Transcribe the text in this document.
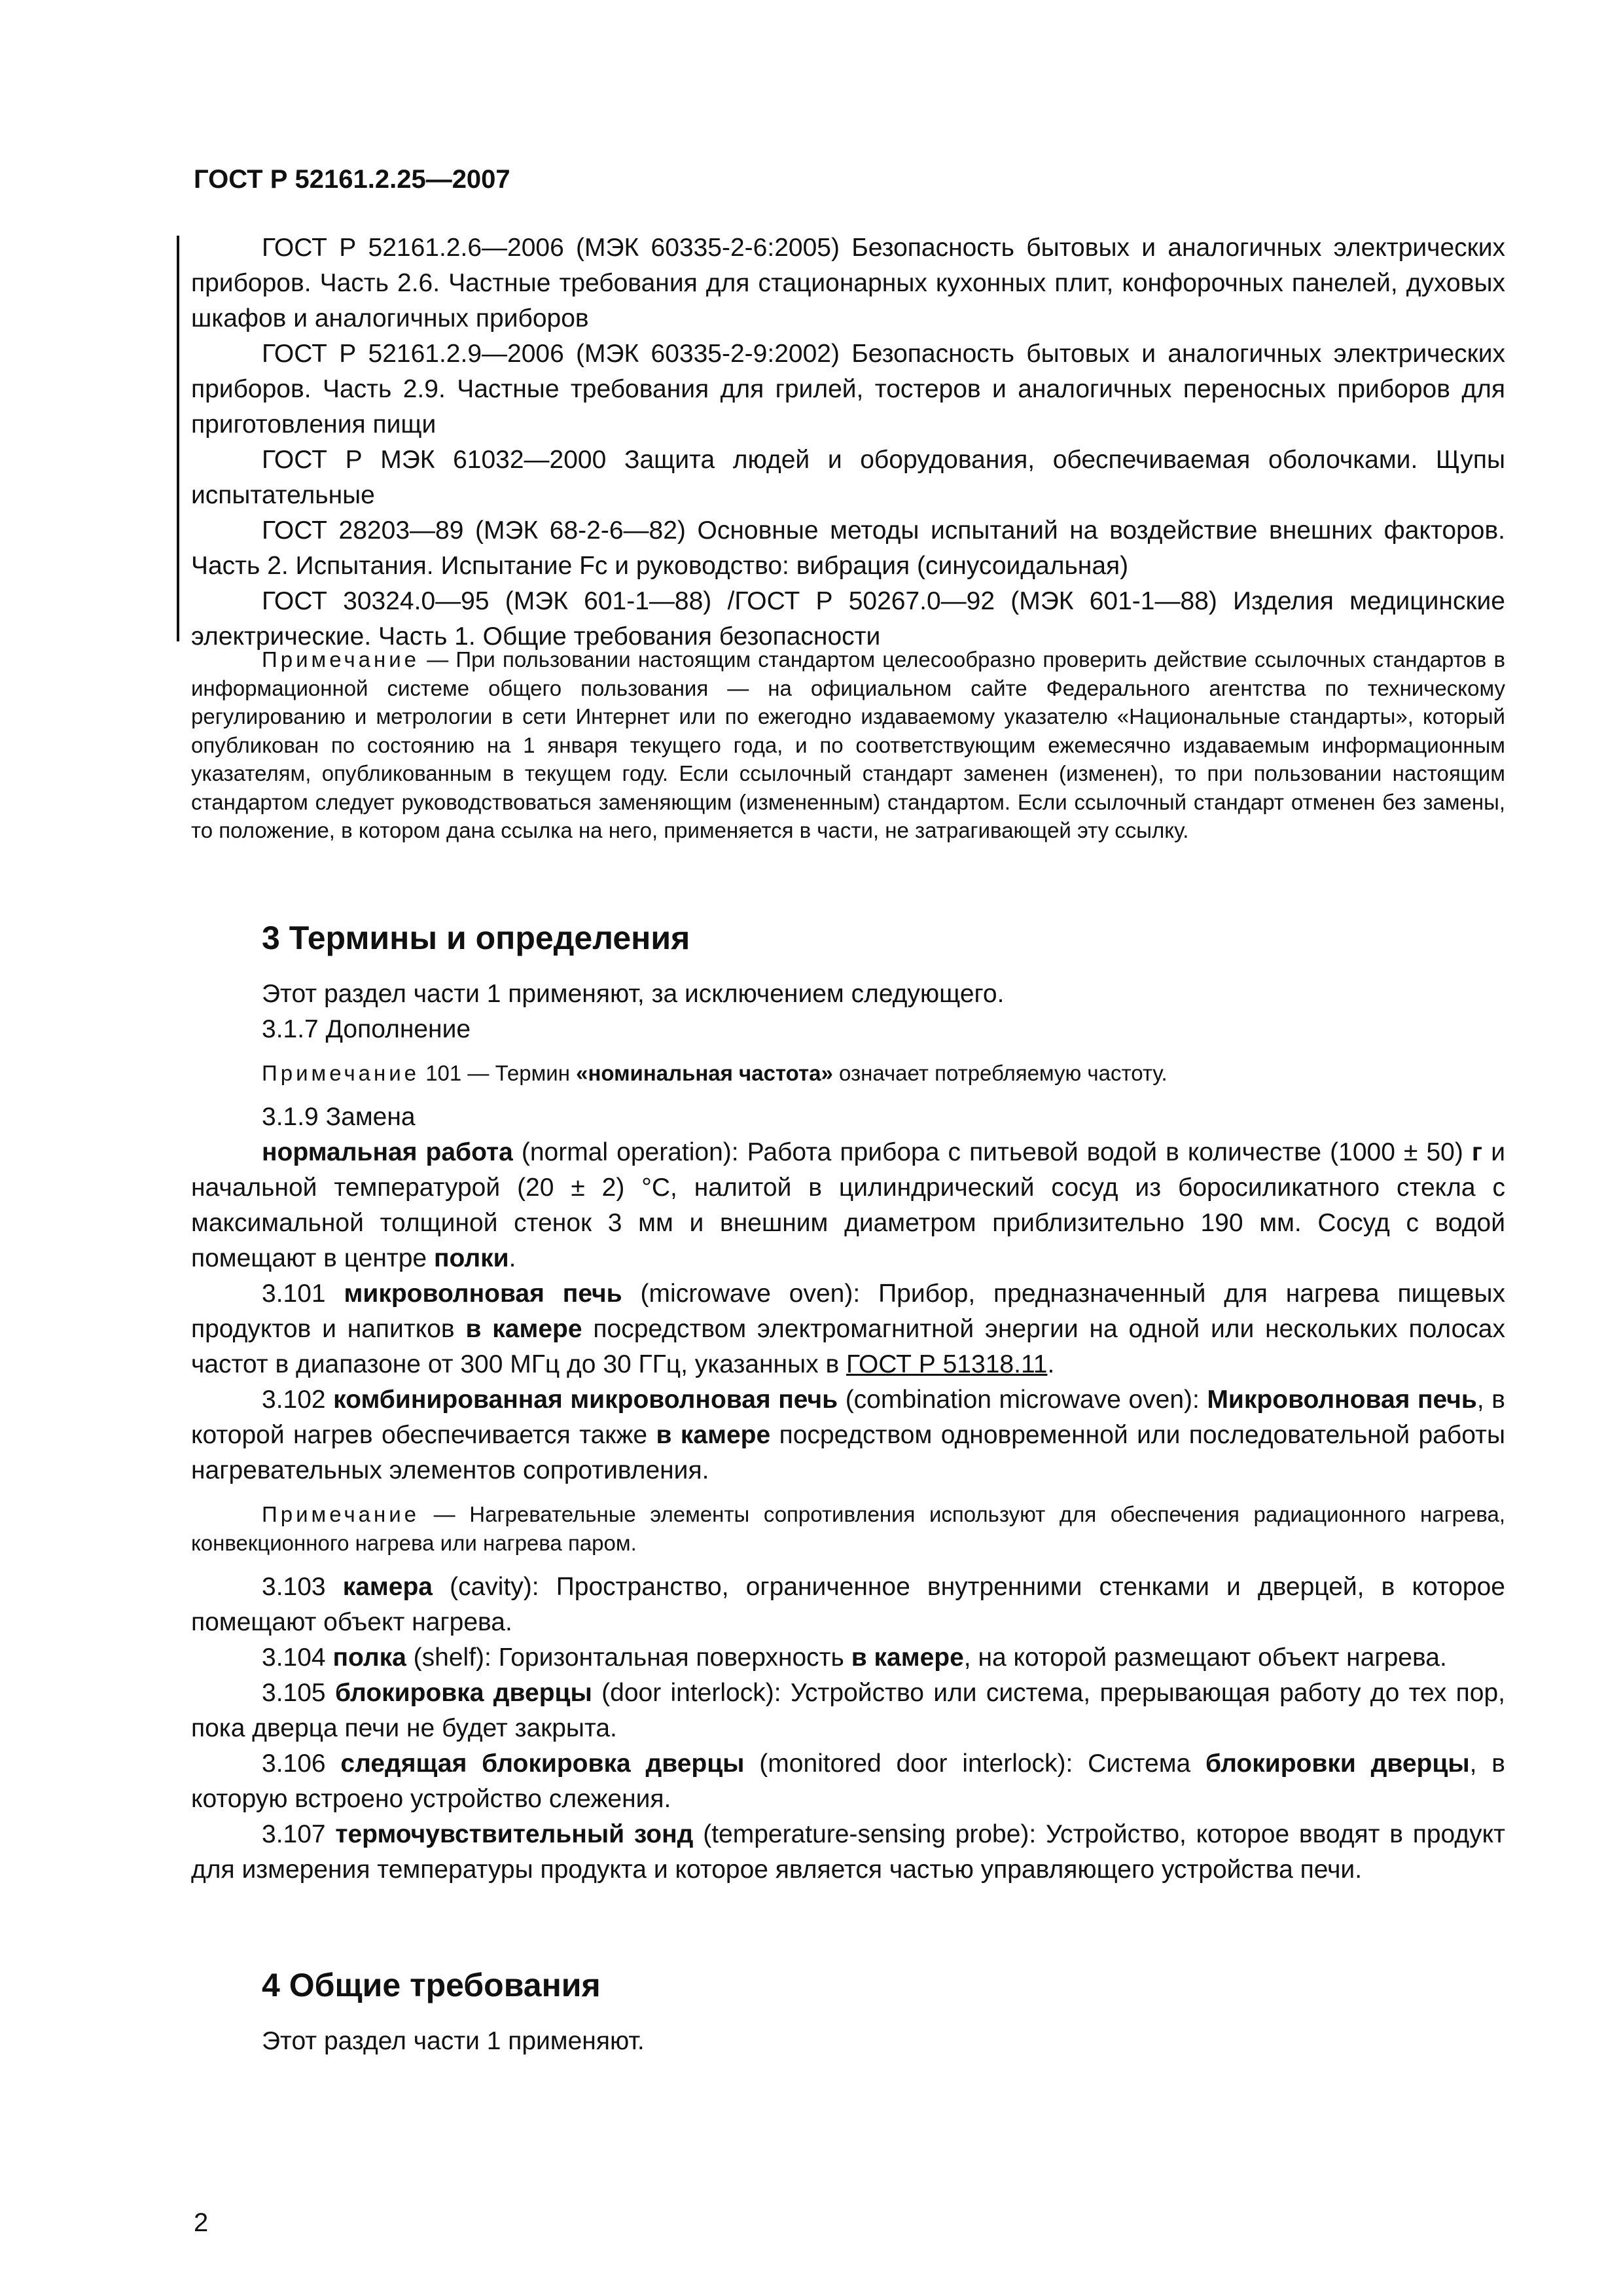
ГОСТ Р 52161.2.25—2007

ГОСТ Р 52161.2.6—2006 (МЭК 60335-2-6:2005) Безопасность бытовых и аналогичных электрических приборов. Часть 2.6. Частные требования для стационарных кухонных плит, конфорочных панелей, духовых шкафов и аналогичных приборов

ГОСТ Р 52161.2.9—2006 (МЭК 60335-2-9:2002) Безопасность бытовых и аналогичных электрических приборов. Часть 2.9. Частные требования для грилей, тостеров и аналогичных переносных приборов для приготовления пищи

ГОСТ Р МЭК 61032—2000 Защита людей и оборудования, обеспечиваемая оболочками. Щупы испытательные

ГОСТ 28203—89 (МЭК 68-2-6—82) Основные методы испытаний на воздействие внешних факторов. Часть 2. Испытания. Испытание Fc и руководство: вибрация (синусоидальная)

ГОСТ 30324.0—95 (МЭК 601-1—88) /ГОСТ Р 50267.0—92 (МЭК 601-1—88) Изделия медицинские электрические. Часть 1. Общие требования безопасности

Примечание — При пользовании настоящим стандартом целесообразно проверить действие ссылочных стандартов в информационной системе общего пользования — на официальном сайте Федерального агентства по техническому регулированию и метрологии в сети Интернет или по ежегодно издаваемому указателю «Национальные стандарты», который опубликован по состоянию на 1 января текущего года, и по соответствующим ежемесячно издаваемым информационным указателям, опубликованным в текущем году. Если ссылочный стандарт заменен (изменен), то при пользовании настоящим стандартом следует руководствоваться заменяющим (измененным) стандартом. Если ссылочный стандарт отменен без замены, то положение, в котором дана ссылка на него, применяется в части, не затрагивающей эту ссылку.
3 Термины и определения

Этот раздел части 1 применяют, за исключением следующего.

3.1.7 Дополнение

Примечание 101 — Термин «номинальная частота» означает потребляемую частоту.

3.1.9 Замена

нормальная работа (normal operation): Работа прибора с питьевой водой в количестве (1000 ± 50) г и начальной температурой (20 ± 2) °С, налитой в цилиндрический сосуд из боросиликатного стекла с максимальной толщиной стенок 3 мм и внешним диаметром приблизительно 190 мм. Сосуд с водой помещают в центре полки.

3.101 микроволновая печь (microwave oven): Прибор, предназначенный для нагрева пищевых продуктов и напитков в камере посредством электромагнитной энергии на одной или нескольких полосах частот в диапазоне от 300 МГц до 30 ГГц, указанных в ГОСТ Р 51318.11.

3.102 комбинированная микроволновая печь (combination microwave oven): Микроволновая печь, в которой нагрев обеспечивается также в камере посредством одновременной или последовательной работы нагревательных элементов сопротивления.

Примечание — Нагревательные элементы сопротивления используют для обеспечения радиационного нагрева, конвекционного нагрева или нагрева паром.

3.103 камера (cavity): Пространство, ограниченное внутренними стенками и дверцей, в которое помещают объект нагрева.

3.104 полка (shelf): Горизонтальная поверхность в камере, на которой размещают объект нагрева.

3.105 блокировка дверцы (door interlock): Устройство или система, прерывающая работу до тех пор, пока дверца печи не будет закрыта.

3.106 следящая блокировка дверцы (monitored door interlock): Система блокировки дверцы, в которую встроено устройство слежения.

3.107 термочувствительный зонд (temperature-sensing probe): Устройство, которое вводят в продукт для измерения температуры продукта и которое является частью управляющего устройства печи.

4 Общие требования

Этот раздел части 1 применяют.

2
